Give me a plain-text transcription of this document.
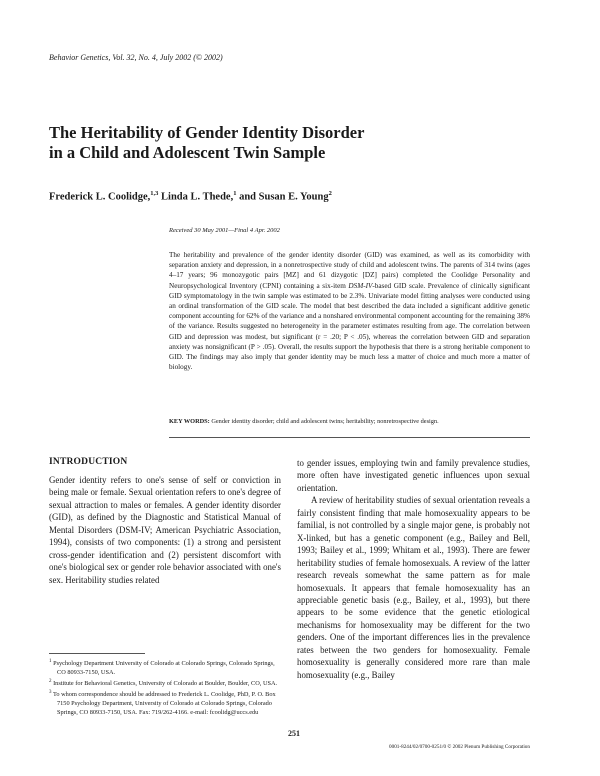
Behavior Genetics, Vol. 32, No. 4, July 2002 (© 2002)
The Heritability of Gender Identity Disorder
in a Child and Adolescent Twin Sample
Frederick L. Coolidge,$^{1,3}$ Linda L. Thede,$^1$ and Susan E. Young$^2$
Received 30 May 2001—Final 4 Apr. 2002

The heritability and prevalence of the gender identity disorder (GID) was examined, as well as its comorbidity with separation anxiety and depression, in a nonretrospective study of child and adolescent twins. The parents of 314 twins (ages 4–17 years; 96 monozygotic pairs [MZ] and 61 dizygotic [DZ] pairs) completed the Coolidge Personality and Neuropsychological Inventory (CPNI) containing a six-item DSM-IV-based GID scale. Prevalence of clinically significant GID symptomatology in the twin sample was estimated to be 2.3%. Univariate model fitting analyses were conducted using an ordinal transformation of the GID scale. The model that best described the data included a significant additive genetic component accounting for 62% of the variance and a nonshared environmental component accounting for the remaining 38% of the variance. Results suggested no heterogeneity in the parameter estimates resulting from age. The correlation between GID and depression was modest, but significant (r = .20; P < .05), whereas the correlation between GID and separation anxiety was nonsignificant (P > .05). Overall, the results support the hypothesis that there is a strong heritable component to GID. The findings may also imply that gender identity may be much less a matter of choice and much more a matter of biology.

KEY WORDS: Gender identity disorder; child and adolescent twins; heritability; nonretrospective design.
INTRODUCTION

Gender identity refers to one's sense of self or conviction in being male or female. Sexual orientation refers to one's degree of sexual attraction to males or females. A gender identity disorder (GID), as defined by the Diagnostic and Statistical Manual of Mental Disorders (DSM-IV; American Psychiatric Association, 1994), consists of two components: (1) a strong and persistent cross-gender identification and (2) persistent discomfort with one's biological sex or gender role behavior associated with one's sex. Heritability studies related

to gender issues, employing twin and family prevalence studies, more often have investigated genetic influences upon sexual orientation.

A review of heritability studies of sexual orientation reveals a fairly consistent finding that male homosexuality appears to be familial, is not controlled by a single major gene, is probably not X-linked, but has a genetic component (e.g., Bailey and Bell, 1993; Bailey et al., 1999; Whitam et al., 1993). There are fewer heritability studies of female homosexuals. A review of the latter research reveals somewhat the same pattern as for male homosexuals. It appears that female homosexuality has an appreciable genetic basis (e.g., Bailey, et al., 1993), but there appears to be some evidence that the genetic etiological mechanisms for homosexuality may be different for the two genders. One of the important differences lies in the prevalence rates between the two genders for homosexuality. Female homosexuality is generally considered more rare than male homosexuality (e.g., Bailey

$^1$ Psychology Department University of Colorado at Colorado Springs, Colorado Springs, CO 80933-7150, USA.

$^2$ Institute for Behavioral Genetics, University of Colorado at Boulder, Boulder, CO, USA.

$^3$ To whom correspondence should be addressed to Frederick L. Coolidge, PhD, P. O. Box 7150 Psychology Department, University of Colorado at Colorado Springs, Colorado Springs, CO 80933-7150, USA. Fax: 719/262-4166. e-mail: fcoolidg@uccs.edu

251
0001-8244/02/0700-0251/0 © 2002 Plenum Publishing Corporation
